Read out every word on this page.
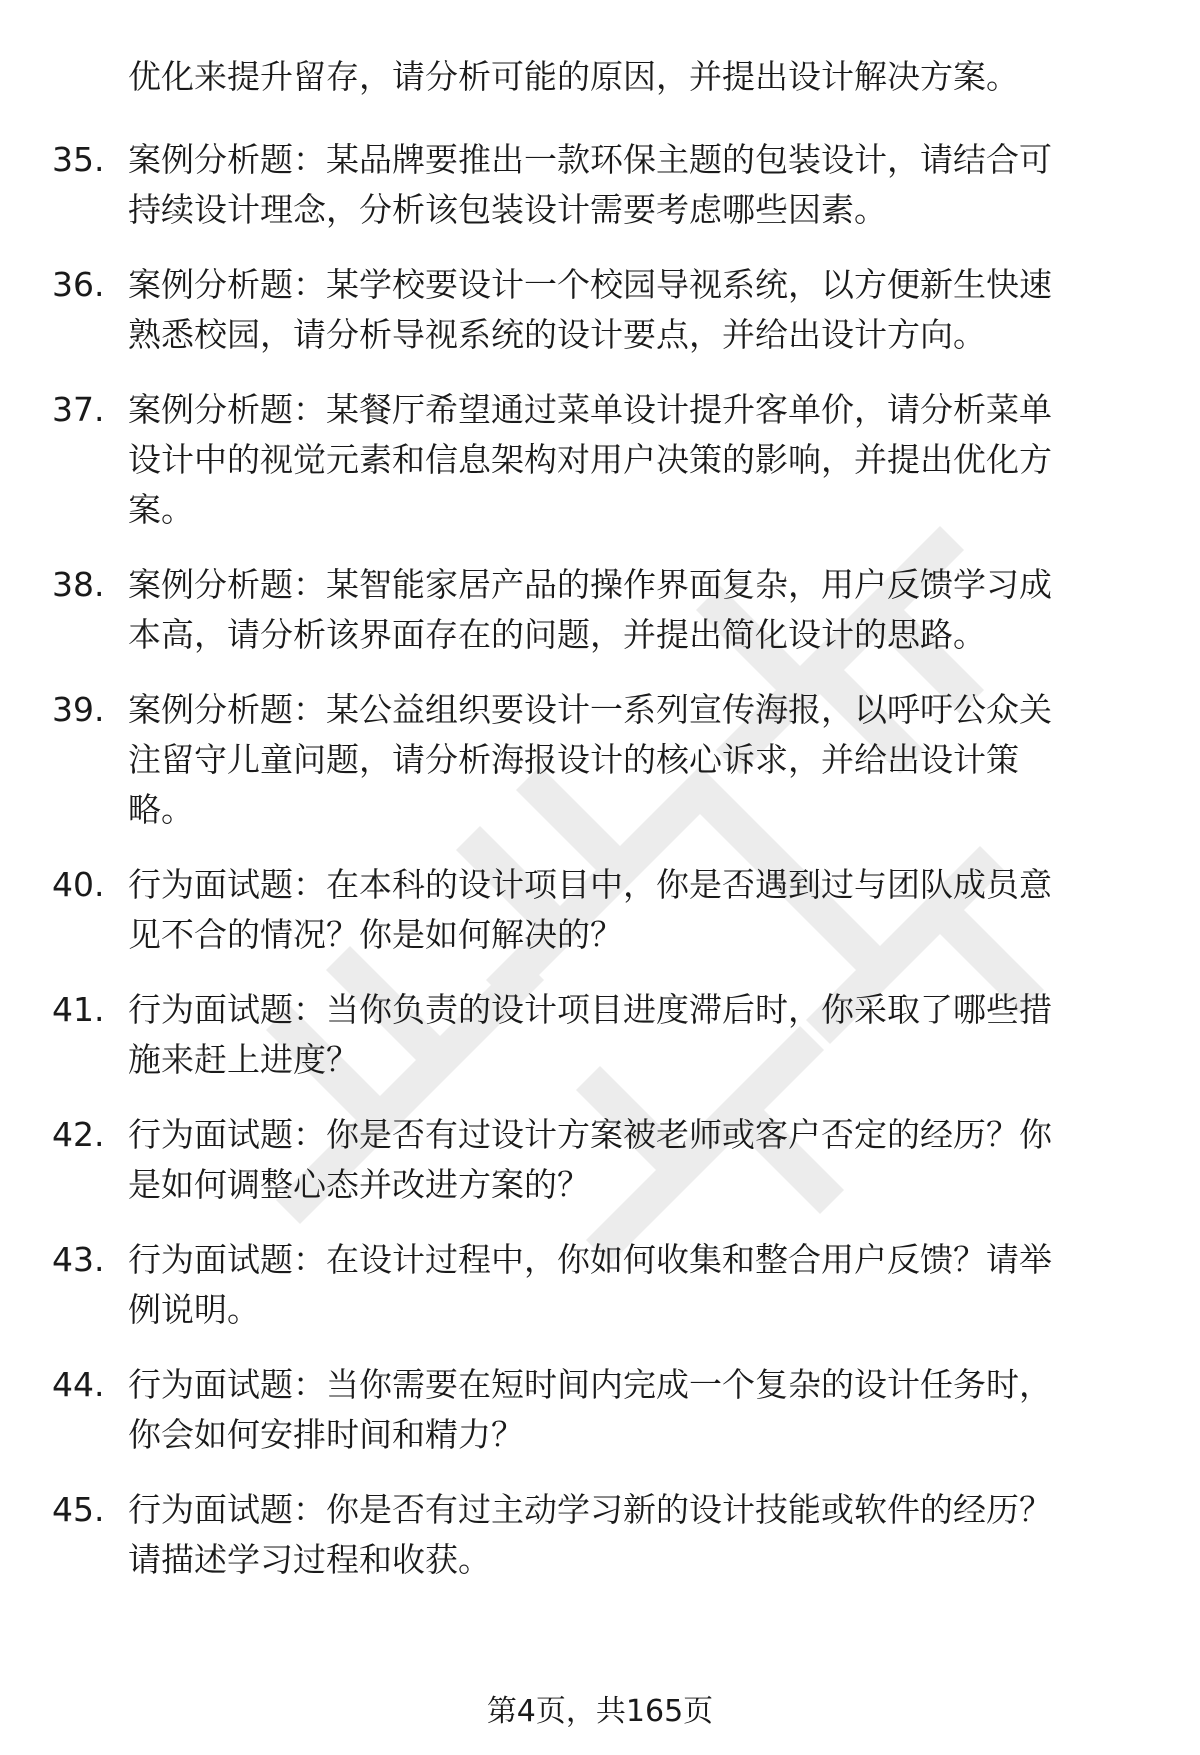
优化来提升留存，请分析可能的原因，并提出设计解决方案。
35. 案例分析题：某品牌要推出一款环保主题的包装设计，请结合可
持续设计理念，分析该包装设计需要考虑哪些因素。
36. 案例分析题：某学校要设计一个校园导视系统，以方便新生快速
熟悉校园，请分析导视系统的设计要点，并给出设计方向。
37. 案例分析题：某餐厅希望通过菜单设计提升客单价，请分析菜单
设计中的视觉元素和信息架构对用户决策的影响，并提出优化方
案。
38. 案例分析题：某智能家居产品的操作界面复杂，用户反馈学习成
本高，请分析该界面存在的问题，并提出简化设计的思路。
39. 案例分析题：某公益组织要设计一系列宣传海报，以呼吁公众关
注留守儿童问题，请分析海报设计的核心诉求，并给出设计策
略。
40. 行为面试题：在本科的设计项目中，你是否遇到过与团队成员意
见不合的情况？你是如何解决的？
41. 行为面试题：当你负责的设计项目进度滞后时，你采取了哪些措
施来赶上进度？
42. 行为面试题：你是否有过设计方案被老师或客户否定的经历？你
是如何调整心态并改进方案的？
43. 行为面试题：在设计过程中，你如何收集和整合用户反馈？请举
例说明。
44. 行为面试题：当你需要在短时间内完成一个复杂的设计任务时，
你会如何安排时间和精力？
45. 行为面试题：你是否有过主动学习新的设计技能或软件的经历？
请描述学习过程和收获。
第4页，共165页
